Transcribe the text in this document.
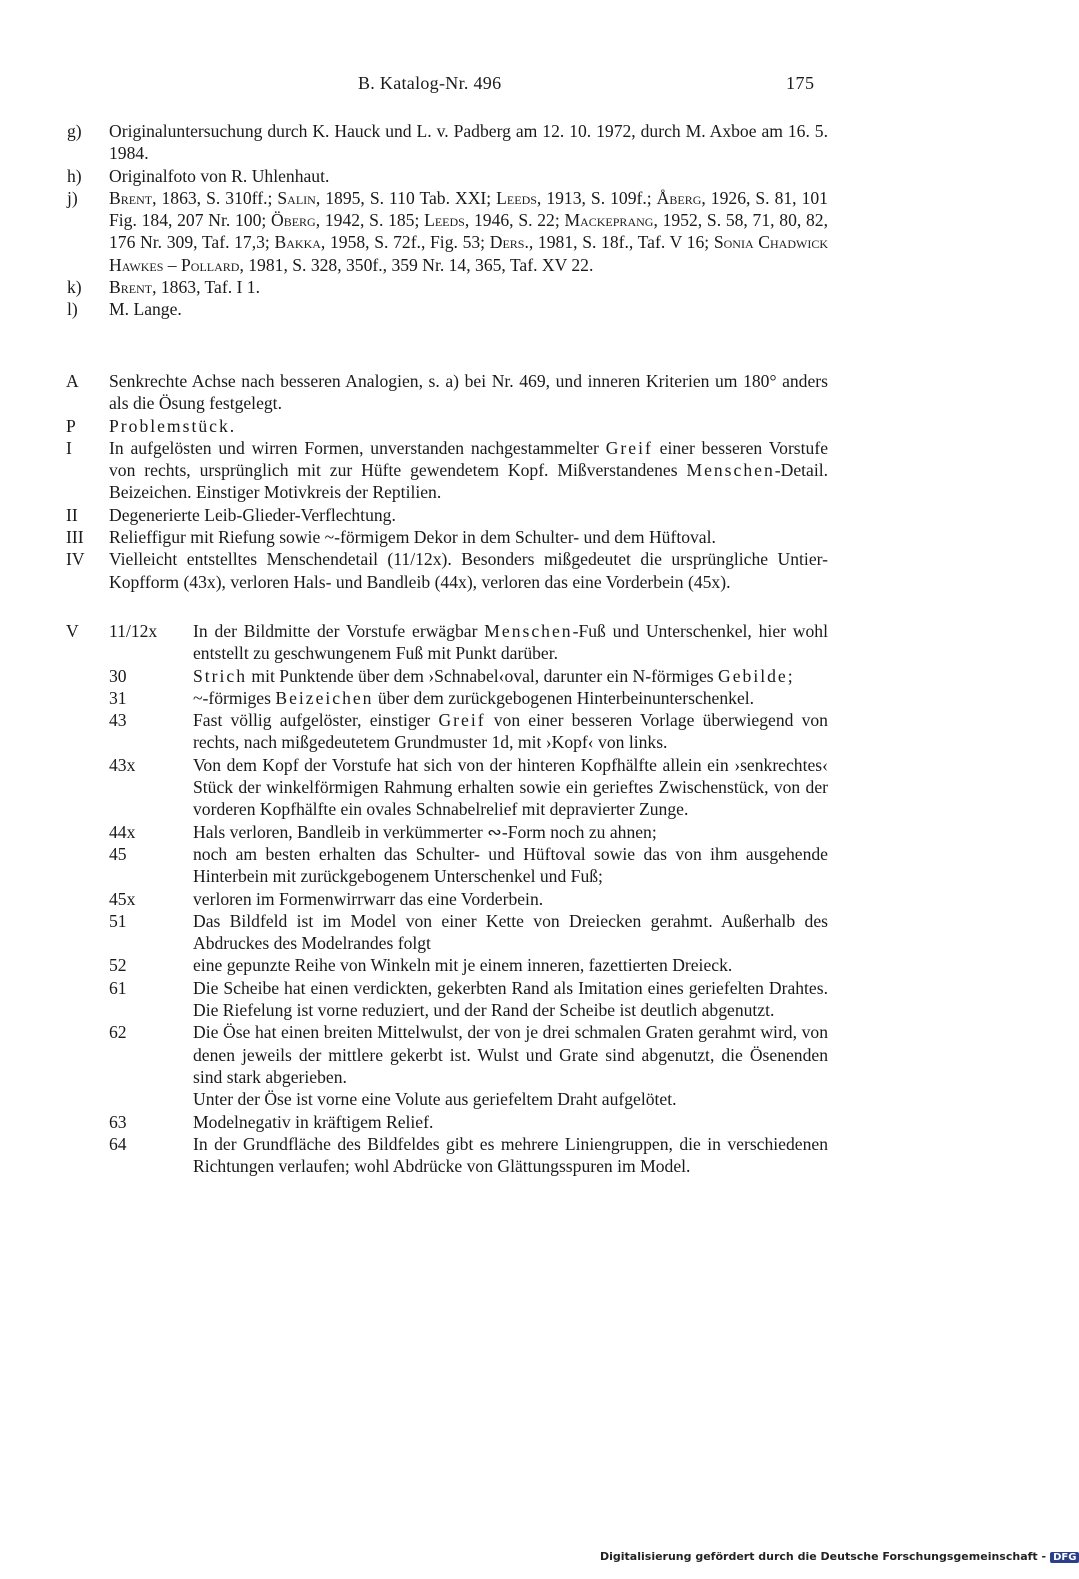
B. Katalog-Nr. 496	175
g) Originaluntersuchung durch K. Hauck und L. v. Padberg am 12. 10. 1972, durch M. Axboe am 16. 5. 1984.
h) Originalfoto von R. Uhlenhaut.
j) Brent, 1863, S. 310ff.; Salin, 1895, S. 110 Tab. XXI; Leeds, 1913, S. 109f.; Åberg, 1926, S. 81, 101 Fig. 184, 207 Nr. 100; Öberg, 1942, S. 185; Leeds, 1946, S. 22; Mackeprang, 1952, S. 58, 71, 80, 82, 176 Nr. 309, Taf. 17,3; Bakka, 1958, S. 72f., Fig. 53; Ders., 1981, S. 18f., Taf. V 16; Sonia Chadwick Hawkes – Pollard, 1981, S. 328, 350f., 359 Nr. 14, 365, Taf. XV 22.
k) Brent, 1863, Taf. I 1.
l) M. Lange.
A Senkrechte Achse nach besseren Analogien, s. a) bei Nr. 469, und inneren Kriterien um 180° anders als die Ösung festgelegt.
P Problemstück.
I In aufgelösten und wirren Formen, unverstanden nachgestammelter Greif einer besseren Vorstufe von rechts, ursprünglich mit zur Hüfte gewendetem Kopf. Mißverstandenes Menschen-Detail. Beizeichen. Einstiger Motivkreis der Reptilien.
II Degenerierte Leib-Glieder-Verflechtung.
III Relieffigur mit Riefung sowie ~-förmigem Dekor in dem Schulter- und dem Hüftoval.
IV Vielleicht entstelltes Menschendetail (11/12x). Besonders mißgedeutet die ursprüngliche Untier-Kopfform (43x), verloren Hals- und Bandleib (44x), verloren das eine Vorderbein (45x).
V 11/12x In der Bildmitte der Vorstufe erwägbar Menschen-Fuß und Unterschenkel, hier wohl entstellt zu geschwungenem Fuß mit Punkt darüber.
30	Strich mit Punktende über dem ›Schnabel‹oval, darunter ein N-förmiges Gebilde;
31	~-förmiges Beizeichen über dem zurückgebogenen Hinterbeinunterschenkel.
43	Fast völlig aufgelöster, einstiger Greif von einer besseren Vorlage überwiegend von rechts, nach mißgedeutetem Grundmuster 1d, mit ›Kopf‹ von links.
43x	Von dem Kopf der Vorstufe hat sich von der hinteren Kopfhälfte allein ein ›senkrechtes‹ Stück der winkelförmigen Rahmung erhalten sowie ein gerieftes Zwischenstück, von der vorderen Kopfhälfte ein ovales Schnabelrelief mit depravierter Zunge.
44x	Hals verloren, Bandleib in verkümmerter ∾-Form noch zu ahnen;
45	noch am besten erhalten das Schulter- und Hüftoval sowie das von ihm ausgehende Hinterbein mit zurückgebogenem Unterschenkel und Fuß;
45x	verloren im Formenwirrwarr das eine Vorderbein.
51	Das Bildfeld ist im Model von einer Kette von Dreiecken gerahmt. Außerhalb des Abdruckes des Modelrandes folgt
52	eine gepunzte Reihe von Winkeln mit je einem inneren, fazettierten Dreieck.
61	Die Scheibe hat einen verdickten, gekerbten Rand als Imitation eines geriefelten Drahtes. Die Riefelung ist vorne reduziert, und der Rand der Scheibe ist deutlich abgenutzt.
62	Die Öse hat einen breiten Mittelwulst, der von je drei schmalen Graten gerahmt wird, von denen jeweils der mittlere gekerbt ist. Wulst und Grate sind abgenutzt, die Ösenenden sind stark abgerieben.
Unter der Öse ist vorne eine Volute aus geriefeltem Draht aufgelötet.
63	Modelnegativ in kräftigem Relief.
64	In der Grundfläche des Bildfeldes gibt es mehrere Liniengruppen, die in verschiedenen Richtungen verlaufen; wohl Abdrücke von Glättungsspuren im Model.
Digitalisierung gefördert durch die Deutsche Forschungsgemeinschaft - DFG
